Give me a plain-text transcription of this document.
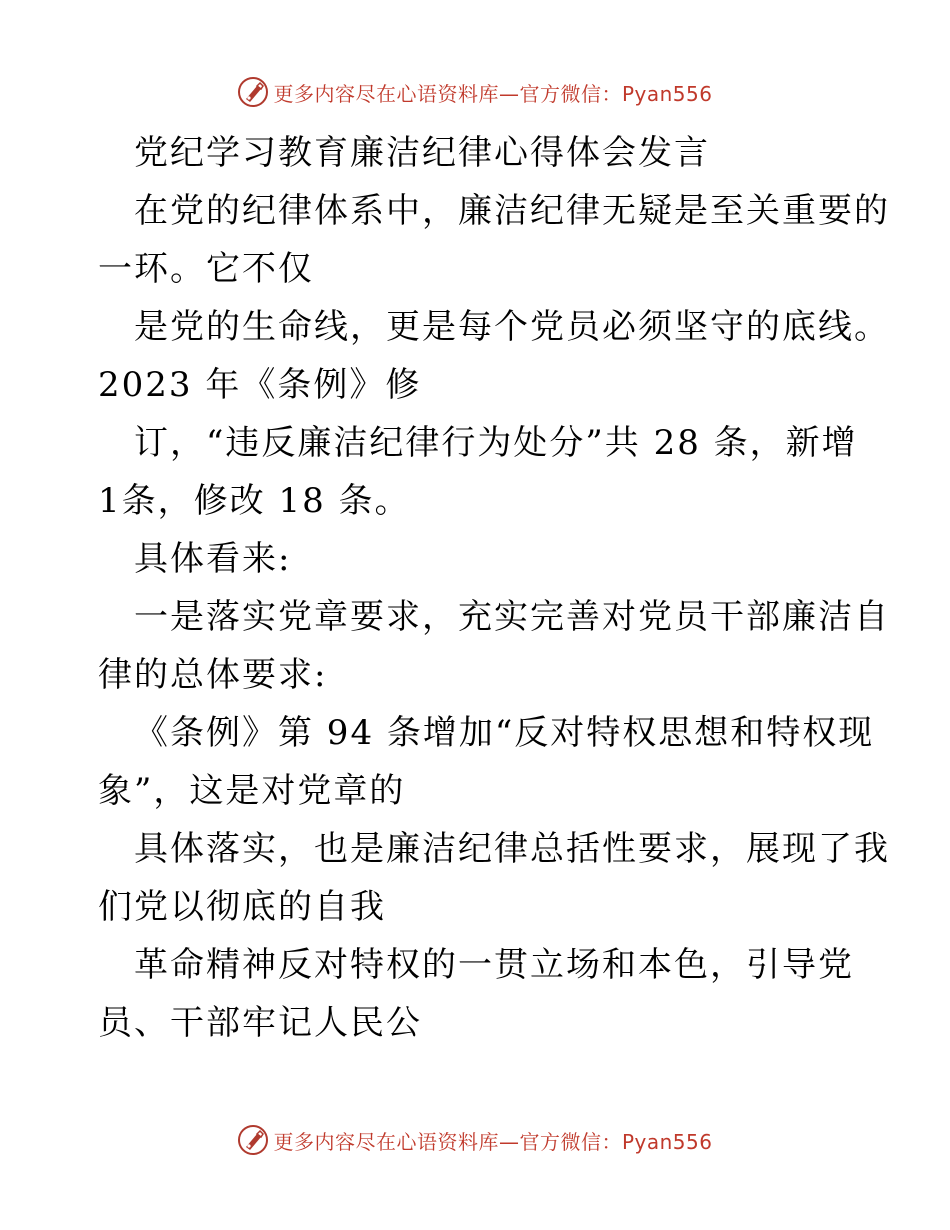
更多内容尽在心语资料库—官方微信：Pyan556
党纪学习教育廉洁纪律心得体会发言
在党的纪律体系中，廉洁纪律无疑是至关重要的
一环。它不仅
是党的生命线，更是每个党员必须坚守的底线。
2023 年《条例》修
订，“违反廉洁纪律行为处分”共 28 条，新增
1条，修改 18 条。
具体看来:
一是落实党章要求，充实完善对党员干部廉洁自
律的总体要求:
《条例》第 94 条增加“反对特权思想和特权现
象”，这是对党章的
具体落实，也是廉洁纪律总括性要求，展现了我
们党以彻底的自我
革命精神反对特权的一贯立场和本色，引导党
员、干部牢记人民公
更多内容尽在心语资料库—官方微信：Pyan556
